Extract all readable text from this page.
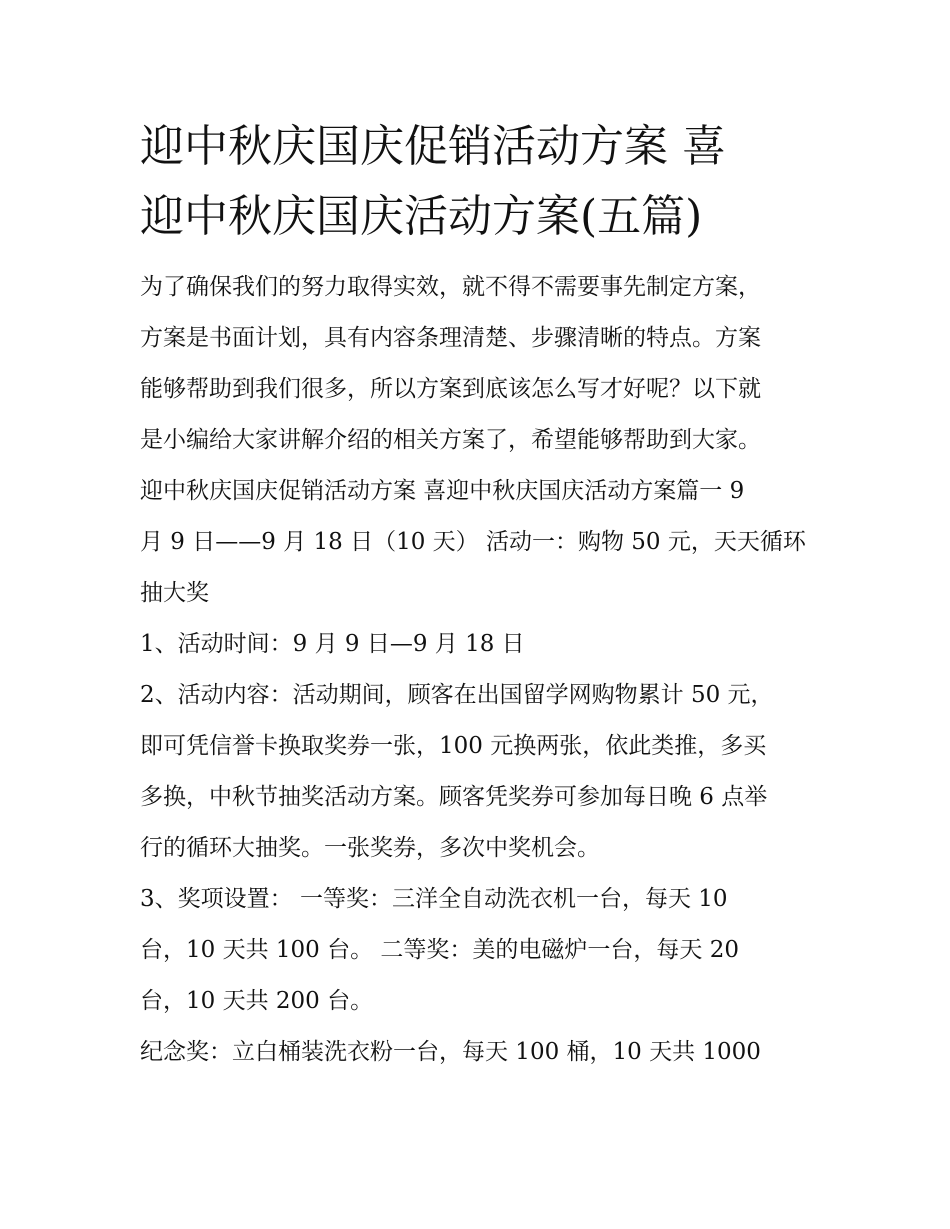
迎中秋庆国庆促销活动方案 喜
迎中秋庆国庆活动方案(五篇)
为了确保我们的努力取得实效，就不得不需要事先制定方案，
方案是书面计划，具有内容条理清楚、步骤清晰的特点。方案
能够帮助到我们很多，所以方案到底该怎么写才好呢？以下就
是小编给大家讲解介绍的相关方案了，希望能够帮助到大家。
迎中秋庆国庆促销活动方案 喜迎中秋庆国庆活动方案篇一 9
月 9 日——9 月 18 日（10 天） 活动一：购物 50 元，天天循环
抽大奖
1、活动时间：9 月 9 日—9 月 18 日
2、活动内容：活动期间，顾客在出国留学网购物累计 50 元，
即可凭信誉卡换取奖券一张，100 元换两张，依此类推，多买
多换，中秋节抽奖活动方案。顾客凭奖券可参加每日晚 6 点举
行的循环大抽奖。一张奖券，多次中奖机会。
3、奖项设置： 一等奖：三洋全自动洗衣机一台，每天 10
台，10 天共 100 台。 二等奖：美的电磁炉一台，每天 20
台，10 天共 200 台。
纪念奖：立白桶装洗衣粉一台，每天 100 桶，10 天共 1000
